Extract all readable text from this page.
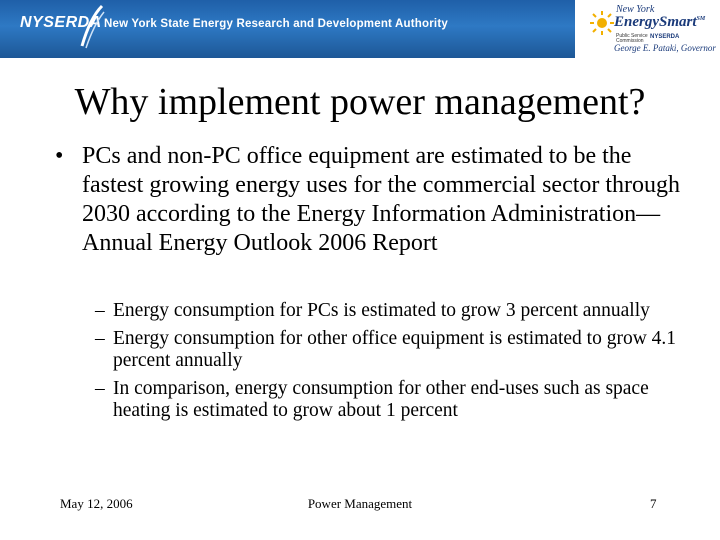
NYSERDA New York State Energy Research and Development Authority
New York
EnergySmart℠
Public Service
Commission
NYSERDA
George E. Pataki, Governor
Why implement power management?
• PCs and non-PC office equipment are estimated to be the fastest growing energy uses for the commercial sector through 2030 according to the Energy Information Administration—Annual Energy Outlook 2006 Report
– Energy consumption for PCs is estimated to grow 3 percent annually
– Energy consumption for other office equipment is estimated to grow 4.1 percent annually
– In comparison, energy consumption for other end-uses such as space heating is estimated to grow about 1 percent
May 12, 2006	Power Management	7
